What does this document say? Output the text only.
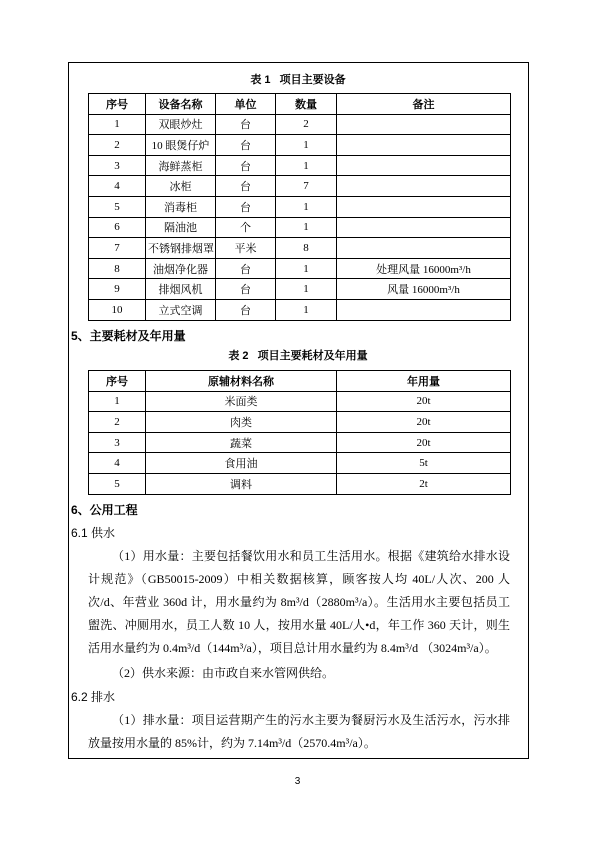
表 1   项目主要设备
序号	设备名称	单位	数量	备注
1	双眼炒灶	台	2	
2	10 眼煲仔炉	台	1	
3	海鲜蒸柜	台	1	
4	冰柜	台	7	
5	消毒柜	台	1	
6	隔油池	个	1	
7	不锈钢排烟罩	平米	8	
8	油烟净化器	台	1	处理风量 16000m³/h
9	排烟风机	台	1	风量 16000m³/h
10	立式空调	台	1	
5、主要耗材及年用量
表 2   项目主要耗材及年用量
序号	原辅材料名称	年用量
1	米面类	20t
2	肉类	20t
3	蔬菜	20t
4	食用油	5t
5	调料	2t
6、公用工程
6.1 供水
（1）用水量：主要包括餐饮用水和员工生活用水。根据《建筑给水排水设计规范》（GB50015-2009）中相关数据核算，顾客按人均 40L/人次、200 人次/d、年营业 360d 计，用水量约为 8m³/d（2880m³/a）。生活用水主要包括员工盥洗、冲厕用水，员工人数 10 人，按用水量 40L/人•d，年工作 360 天计，则生活用水量约为 0.4m³/d（144m³/a），项目总计用水量约为 8.4m³/d （3024m³/a）。
（2）供水来源：由市政自来水管网供给。
6.2 排水
（1）排水量：项目运营期产生的污水主要为餐厨污水及生活污水，污水排放量按用水量的 85%计，约为 7.14m³/d（2570.4m³/a）。
3
